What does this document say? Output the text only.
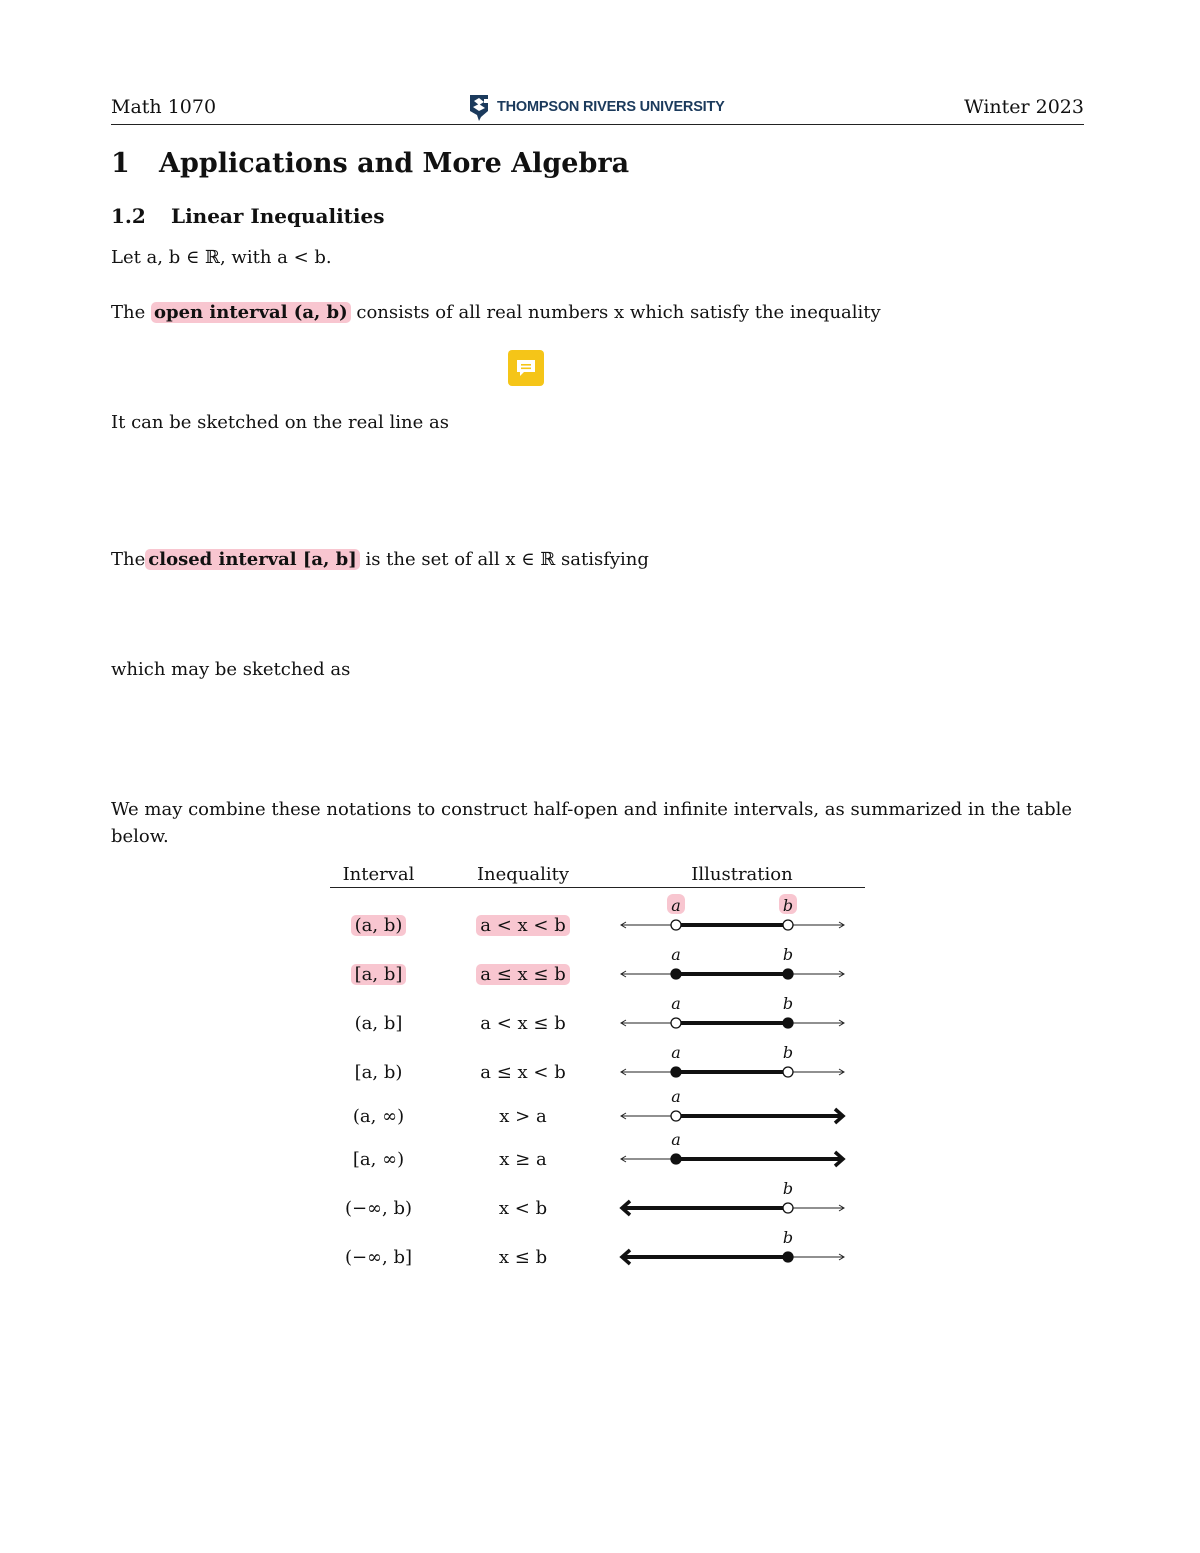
Math 1070	THOMPSON RIVERS UNIVERSITY	Winter 2023
1 Applications and More Algebra
1.2 Linear Inequalities
Let a, b ∈ ℝ, with a < b.
The open interval (a, b) consists of all real numbers x which satisfy the inequality
It can be sketched on the real line as
The closed interval [a, b] is the set of all x ∈ ℝ satisfying
which may be sketched as
We may combine these notations to construct half-open and infinite intervals, as summarized in the table below.
Interval	Inequality	Illustration
(a, b)	a < x < b	a b

[a, b]	a ≤ x ≤ b	a b

(a, b]	a < x ≤ b	a b

[a, b)	a ≤ x < b	a b

(a, ∞)	x > a	a

[a, ∞)	x ≥ a	a

(−∞, b)	x < b	b

(−∞, b]	x ≤ b	b
